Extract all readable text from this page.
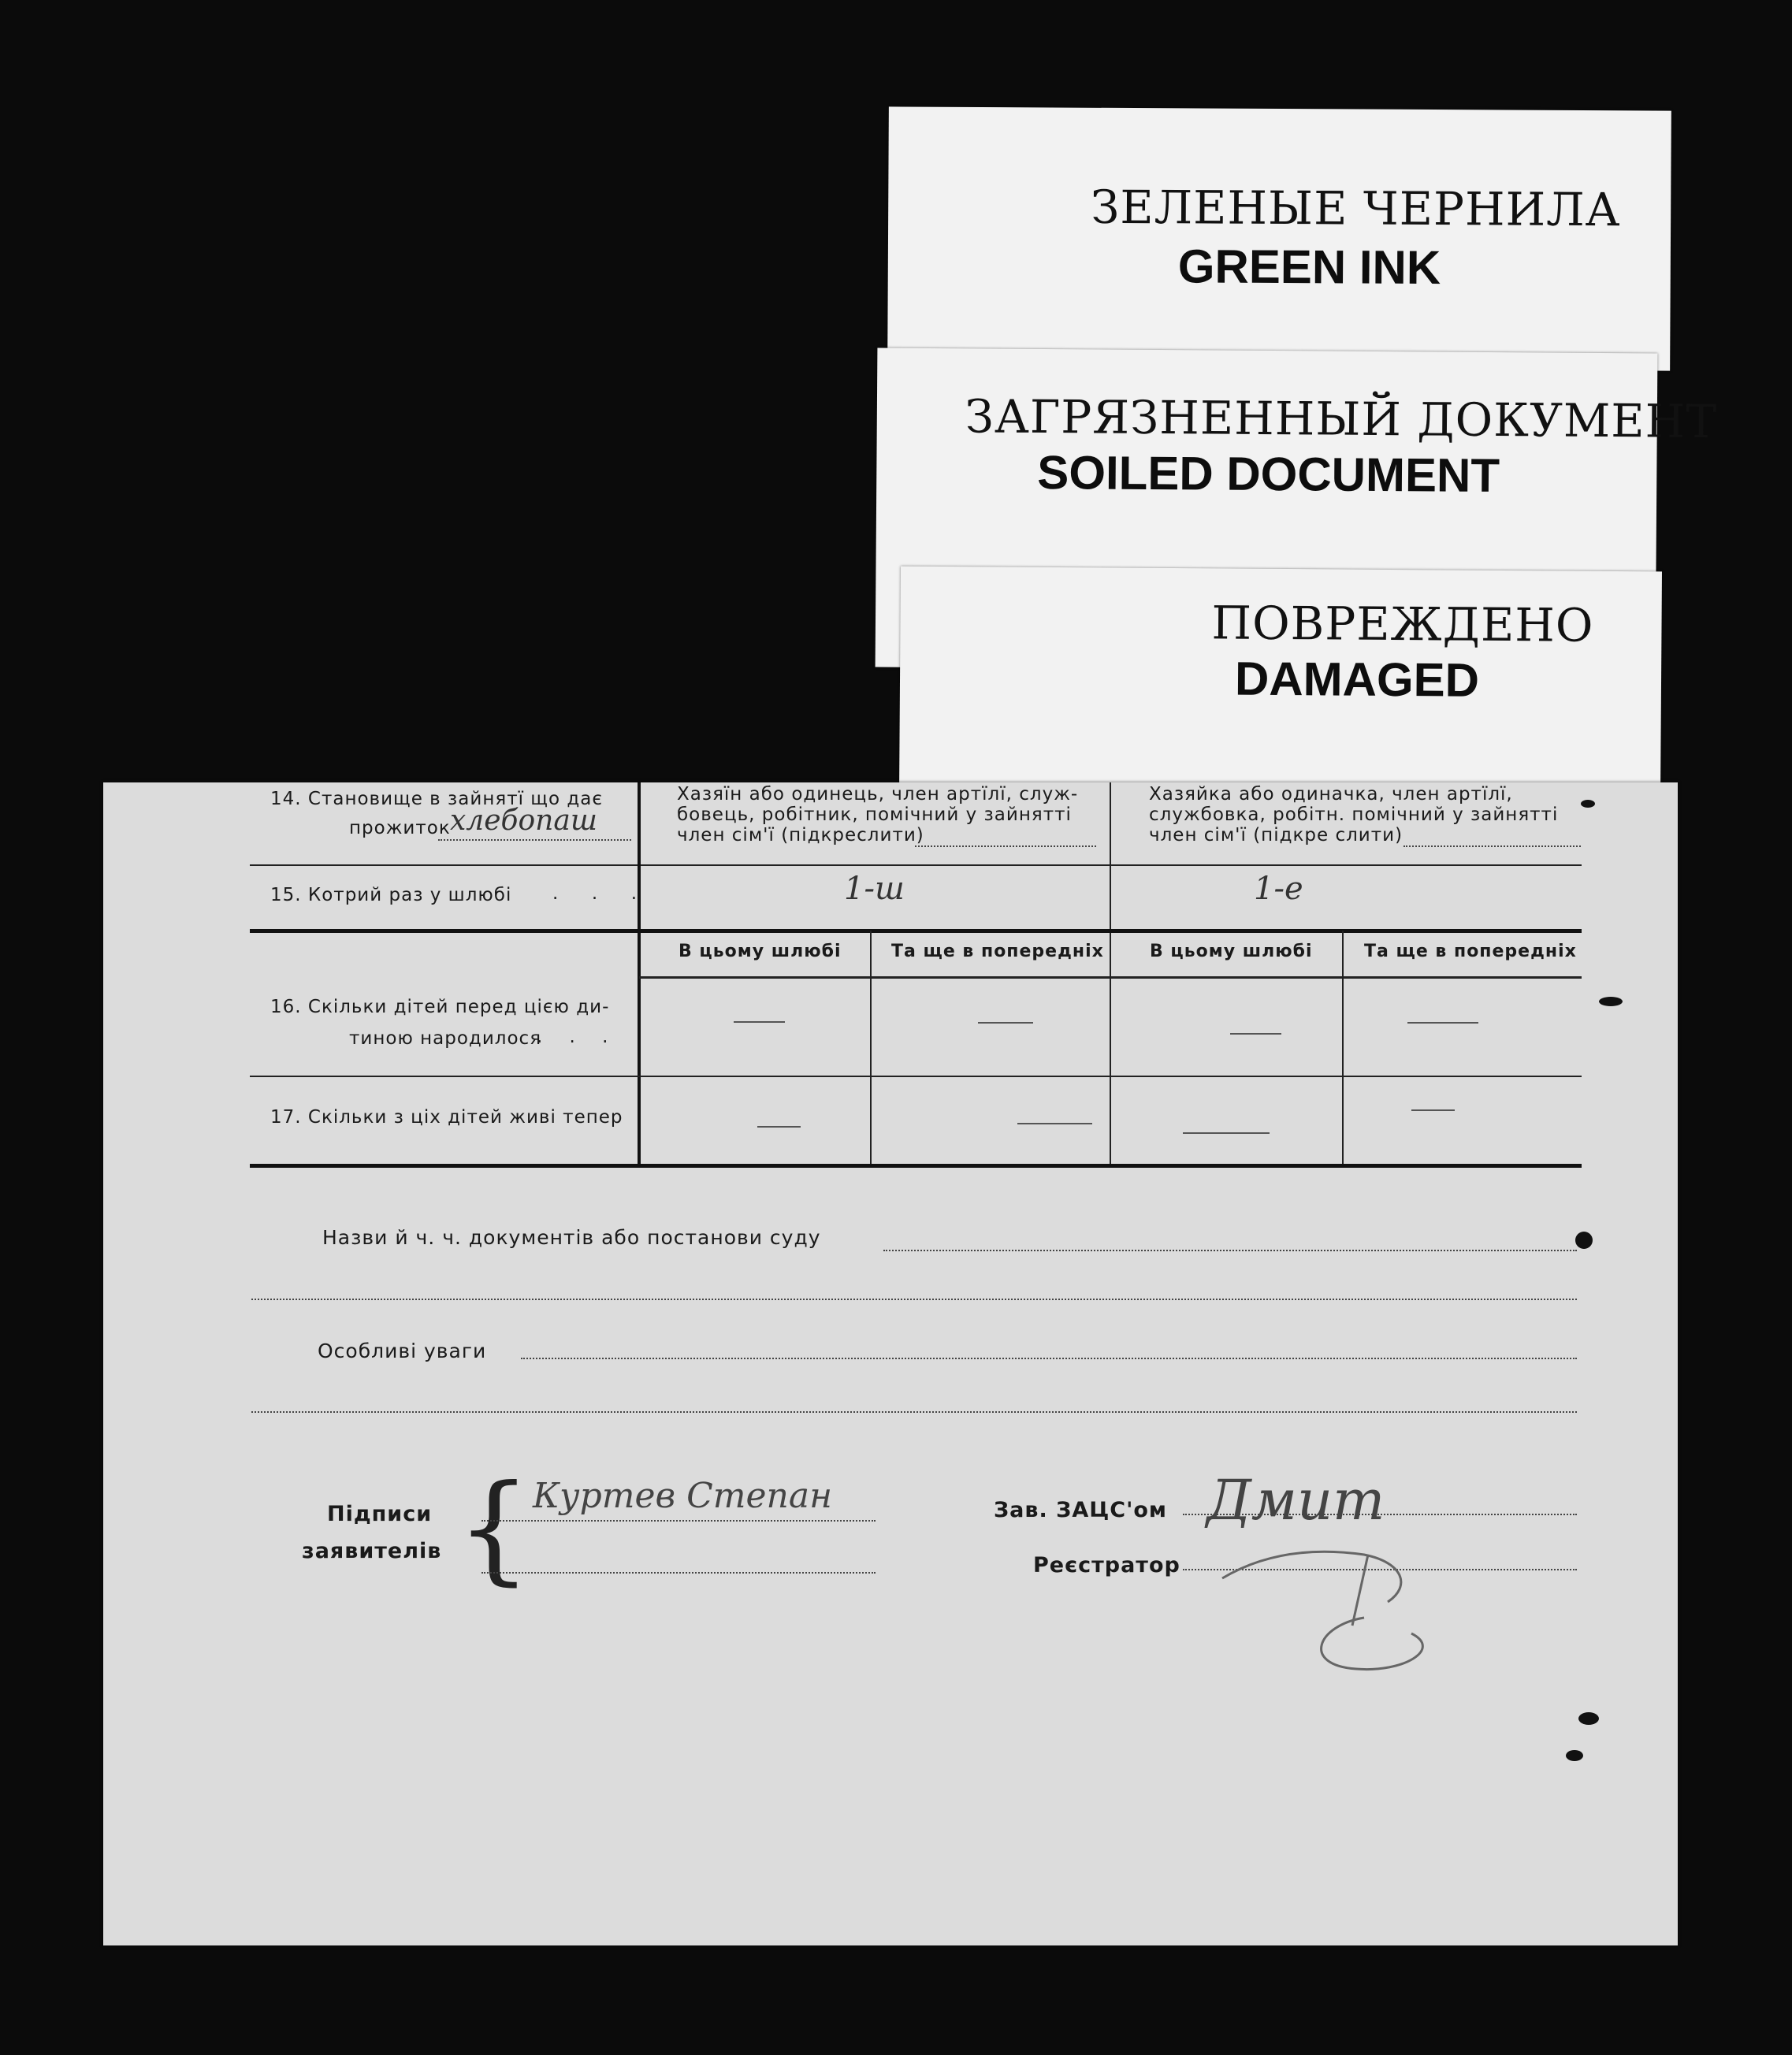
ЗЕЛЕНЫЕ ЧЕРНИЛА
GREEN INK
ЗАГРЯЗНЕННЫЙ ДОКУМЕНТ
SOILED DOCUMENT
ПОВРЕЖДЕНО
DAMAGED
14. Становище в зайнятї що дає
прожиток хлебопаш
Хазяїн або одинець, член артїлї, служ-
бовець, робітник, помічний у зайнятті
член сім'ї (підкреслити)
Хазяйка або одиначка, член артїлї,
службовка, робітн. помічний у зайнятті
член сім'ї (підкре слити)
15. Котрий раз у шлюбі .     .     .	1-ш	1-е
В цьому шлюбі	Та ще в попередніх	В цьому шлюбі	Та ще в попередніх
16. Скільки дітей перед цією ди-
тиною народилося
.    .    .
17. Скільки з ціх дітей живі тепер
Назви й ч. ч. документів або постанови суду
Особливі уваги
Підписи
заявителів { Куртев Степан	Зав. ЗАЦС'ом
Реєстратор
Дмит
